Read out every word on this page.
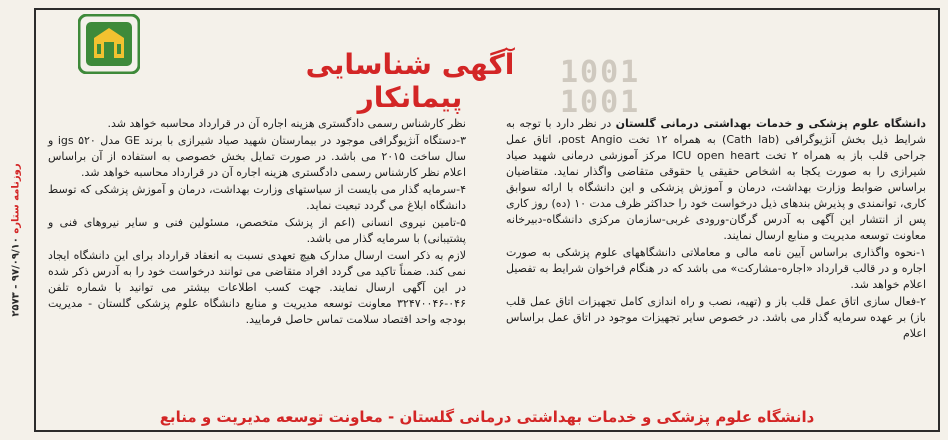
1001
1001
آگهی شناسایی پیمانکار

دانشگاه علوم پزشکی و خدمات بهداشتی درمانی گلستان در نظر دارد با توجه به شرایط ذیل بخش آنژیوگرافی (Cath lab) به همراه ۱۲ تخت post Angio، اتاق عمل جراحی قلب باز به همراه ۲ تخت ICU open heart مرکز آموزشی درمانی شهید صیاد شیرازی را به صورت یکجا به اشخاص حقیقی یا حقوقی متقاضی واگذار نماید. متقاضیان براساس ضوابط وزارت بهداشت، درمان و آموزش پزشکی و این دانشگاه با ارائه سوابق کاری، توانمندی و پذیرش بندهای ذیل درخواست خود را حداکثر ظرف مدت ۱۰ (ده) روز کاری پس از انتشار این آگهی به آدرس گرگان-ورودی غربی-سازمان مرکزی دانشگاه-دبیرخانه معاونت توسعه مدیریت و منابع ارسال نمایند.

۱-نحوه واگذاری براساس آیین نامه مالی و معاملاتی دانشگاههای علوم پزشکی به صورت اجاره و در قالب قرارداد «اجاره-مشارکت» می باشد که در هنگام فراخوان شرایط به تفصیل اعلام خواهد شد.

۲-فعال سازی اتاق عمل قلب باز و (تهیه، نصب و راه اندازی کامل تجهیزات اتاق عمل قلب باز) بر عهده سرمایه گذار می باشد. در خصوص سایر تجهیزات موجود در اتاق عمل براساس اعلام

نظر کارشناس رسمی دادگستری هزینه اجاره آن در قرارداد محاسبه خواهد شد.

۳-دستگاه آنژیوگرافی موجود در بیمارستان شهید صیاد شیرازی با برند GE مدل igs ۵۲۰ و سال ساخت ۲۰۱۵ می باشد. در صورت تمایل بخش خصوصی به استفاده از آن براساس اعلام نظر کارشناس رسمی دادگستری هزینه اجاره آن در قرارداد محاسبه خواهد شد.

۴-سرمایه گذار می بایست از سیاستهای وزارت بهداشت، درمان و آموزش پزشکی که توسط دانشگاه ابلاغ می گردد تبعیت نماید.

۵-تامین نیروی انسانی (اعم از پزشک متخصص، مسئولین فنی و سایر نیروهای فنی و پشتیبانی) با سرمایه گذار می باشد.

لازم به ذکر است ارسال مدارک هیچ تعهدی نسبت به انعقاد قرارداد برای این دانشگاه ایجاد نمی کند. ضمناً تاکید می گردد افراد متقاضی می توانند درخواست خود را به آدرس ذکر شده در این آگهی ارسال نمایند. جهت کسب اطلاعات بیشتر می توانید با شماره تلفن ۰۴۶-۳۲۴۷۰۰۴۶ معاونت توسعه مدیریت و منابع دانشگاه علوم پزشکی گلستان - مدیریت بودجه واحد اقتصاد سلامت تماس حاصل فرمایید.

دانشگاه علوم پزشکی و خدمات بهداشتی درمانی گلستان - معاونت توسعه مدیریت و منابع
روزنامه ستاره ۹۷/۰۹/۱۰ - ۲۵۷۳
